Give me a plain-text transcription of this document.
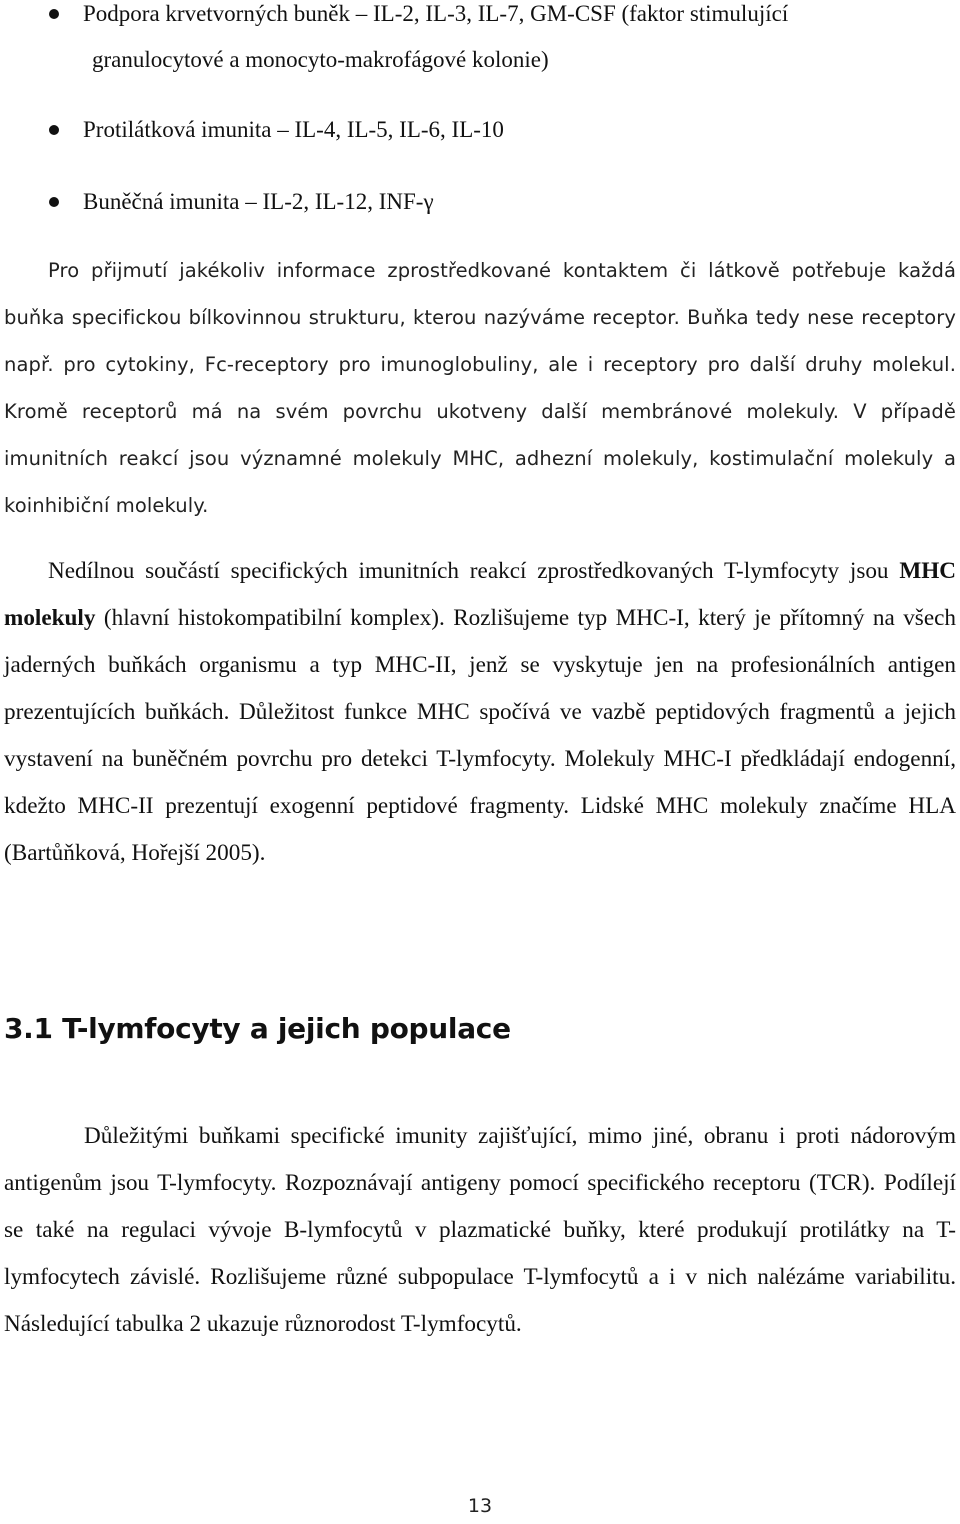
Podpora krvetvorných buněk – IL-2, IL-3, IL-7, GM-CSF (faktor stimulující
granulocytové a monocyto-makrofágové kolonie)
Protilátková imunita – IL-4, IL-5, IL-6, IL-10
Buněčná imunita – IL-2, IL-12, INF-γ

Pro přijmutí jakékoliv informace zprostředkované kontaktem či látkově potřebuje každá buňka specifickou bílkovinnou strukturu, kterou nazýváme receptor. Buňka tedy nese receptory např. pro cytokiny, Fc-receptory pro imunoglobuliny, ale i receptory pro další druhy molekul. Kromě receptorů má na svém povrchu ukotveny další membránové molekuly. V případě imunitních reakcí jsou významné molekuly MHC, adhezní molekuly, kostimulační molekuly a koinhibiční molekuly.

Nedílnou součástí specifických imunitních reakcí zprostředkovaných T-lymfocyty jsou MHC molekuly (hlavní histokompatibilní komplex). Rozlišujeme typ MHC-I, který je přítomný na všech jaderných buňkách organismu a typ MHC-II, jenž se vyskytuje jen na profesionálních antigen prezentujících buňkách. Důležitost funkce MHC spočívá ve vazbě peptidových fragmentů a jejich vystavení na buněčném povrchu pro detekci T-lymfocyty. Molekuly MHC-I předkládají endogenní, kdežto MHC-II prezentují exogenní peptidové fragmenty. Lidské MHC molekuly značíme HLA (Bartůňková, Hořejší 2005).

3.1 T-lymfocyty a jejich populace

Důležitými buňkami specifické imunity zajišťující, mimo jiné, obranu i proti nádorovým antigenům jsou T-lymfocyty. Rozpoznávají antigeny pomocí specifického receptoru (TCR). Podílejí se také na regulaci vývoje B-lymfocytů v plazmatické buňky, které produkují protilátky na T-lymfocytech závislé. Rozlišujeme různé subpopulace T-lymfocytů a i v nich nalézáme variabilitu. Následující tabulka 2 ukazuje různorodost T-lymfocytů.

13
